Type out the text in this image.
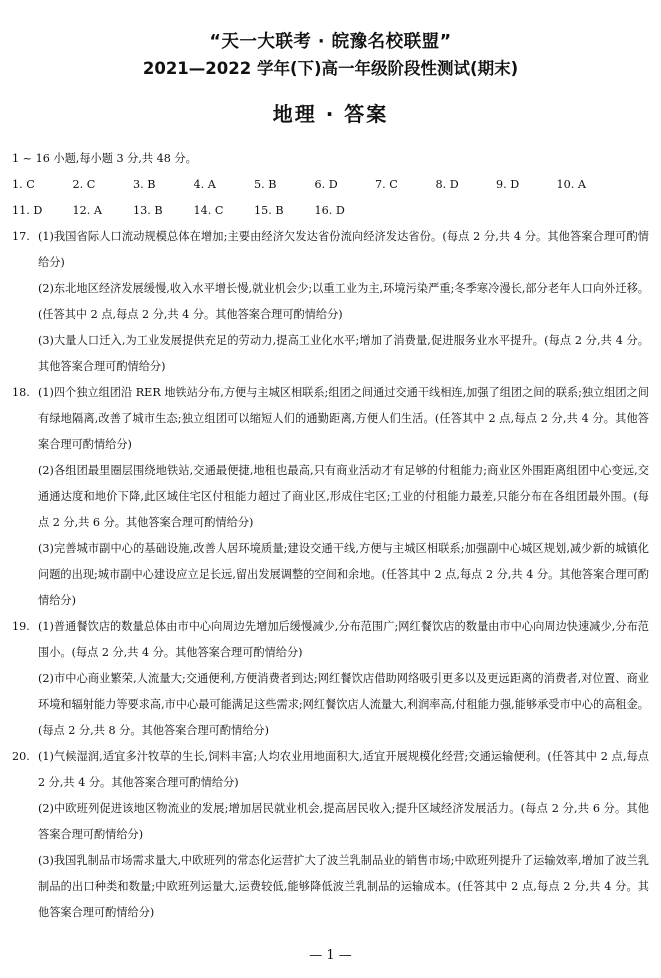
“天一大联考 · 皖豫名校联盟”
2021—2022 学年(下)高一年级阶段性测试(期末)
地理 · 答案
1 ~ 16 小题,每小题 3 分,共 48 分。
1. C	2. C	3. B	4. A	5. B	6. D	7. C	8. D	9. D	10. A
11. D	12. A	13. B	14. C	15. B	16. D
17. (1)我国省际人口流动规模总体在增加;主要由经济欠发达省份流向经济发达省份。(每点 2 分,共 4 分。其他答案合理可酌情给分)
(2)东北地区经济发展缓慢,收入水平增长慢,就业机会少;以重工业为主,环境污染严重;冬季寒冷漫长,部分老年人口向外迁移。(任答其中 2 点,每点 2 分,共 4 分。其他答案合理可酌情给分)
(3)大量人口迁入,为工业发展提供充足的劳动力,提高工业化水平;增加了消费量,促进服务业水平提升。(每点 2 分,共 4 分。其他答案合理可酌情给分)
18. (1)四个独立组团沿 RER 地铁站分布,方便与主城区相联系;组团之间通过交通干线相连,加强了组团之间的联系;独立组团之间有绿地隔离,改善了城市生态;独立组团可以缩短人们的通勤距离,方便人们生活。(任答其中 2 点,每点 2 分,共 4 分。其他答案合理可酌情给分)
(2)各组团最里圈层围绕地铁站,交通最便捷,地租也最高,只有商业活动才有足够的付租能力;商业区外围距离组团中心变远,交通通达度和地价下降,此区域住宅区付租能力超过了商业区,形成住宅区;工业的付租能力最差,只能分布在各组团最外围。(每点 2 分,共 6 分。其他答案合理可酌情给分)
(3)完善城市副中心的基础设施,改善人居环境质量;建设交通干线,方便与主城区相联系;加强副中心城区规划,减少新的城镇化问题的出现;城市副中心建设应立足长远,留出发展调整的空间和余地。(任答其中 2 点,每点 2 分,共 4 分。其他答案合理可酌情给分)
19. (1)普通餐饮店的数量总体由市中心向周边先增加后缓慢减少,分布范围广;网红餐饮店的数量由市中心向周边快速减少,分布范围小。(每点 2 分,共 4 分。其他答案合理可酌情给分)
(2)市中心商业繁荣,人流量大;交通便利,方便消费者到达;网红餐饮店借助网络吸引更多以及更远距离的消费者,对位置、商业环境和辐射能力等要求高,市中心最可能满足这些需求;网红餐饮店人流量大,利润率高,付租能力强,能够承受市中心的高租金。(每点 2 分,共 8 分。其他答案合理可酌情给分)
20. (1)气候湿润,适宜多汁牧草的生长,饲料丰富;人均农业用地面积大,适宜开展规模化经营;交通运输便利。(任答其中 2 点,每点 2 分,共 4 分。其他答案合理可酌情给分)
(2)中欧班列促进该地区物流业的发展;增加居民就业机会,提高居民收入;提升区域经济发展活力。(每点 2 分,共 6 分。其他答案合理可酌情给分)
(3)我国乳制品市场需求量大,中欧班列的常态化运营扩大了波兰乳制品业的销售市场;中欧班列提升了运输效率,增加了波兰乳制品的出口种类和数量;中欧班列运量大,运费较低,能够降低波兰乳制品的运输成本。(任答其中 2 点,每点 2 分,共 4 分。其他答案合理可酌情给分)
— 1 —
